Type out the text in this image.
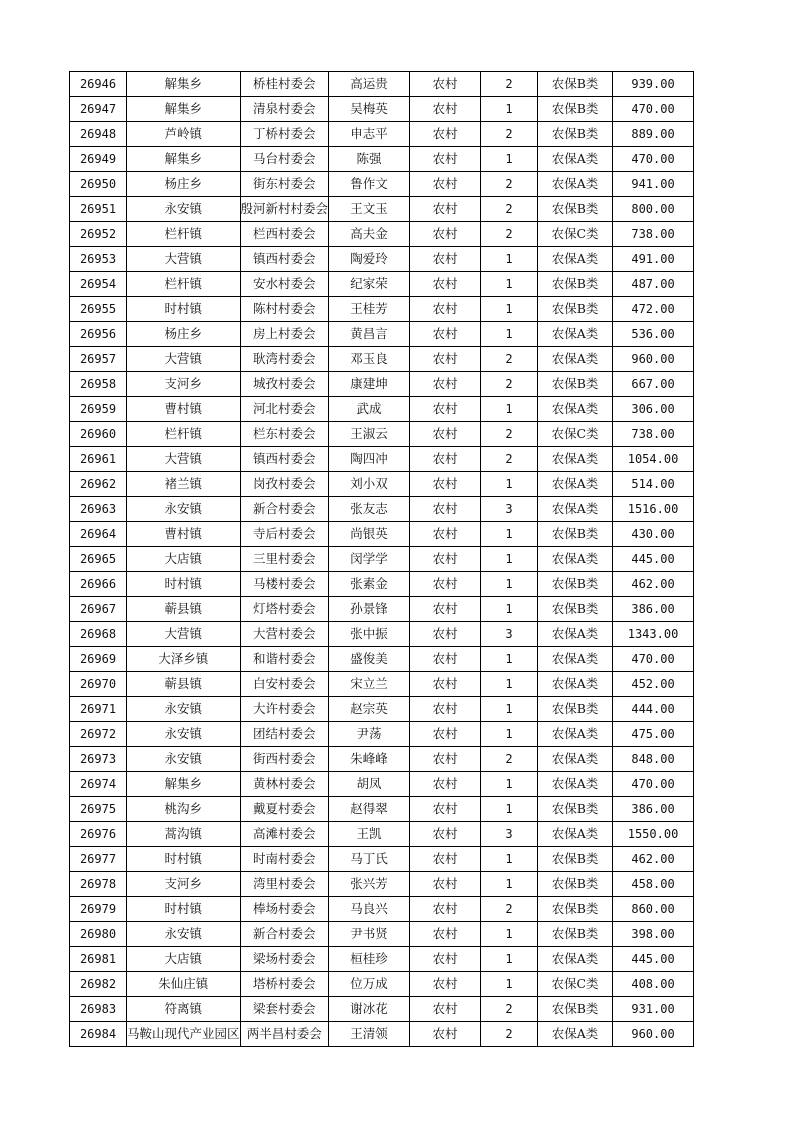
26946	解集乡	桥桂村委会	高运贵	农村	2	农保B类	939.00
26947	解集乡	清泉村委会	吴梅英	农村	1	农保B类	470.00
26948	芦岭镇	丁桥村委会	申志平	农村	2	农保B类	889.00
26949	解集乡	马台村委会	陈强	农村	1	农保A类	470.00
26950	杨庄乡	街东村委会	鲁作文	农村	2	农保A类	941.00
26951	永安镇	殷河新村村委会	王文玉	农村	2	农保B类	800.00
26952	栏杆镇	栏西村委会	高夫金	农村	2	农保C类	738.00
26953	大营镇	镇西村委会	陶爱玲	农村	1	农保A类	491.00
26954	栏杆镇	安水村委会	纪家荣	农村	1	农保B类	487.00
26955	时村镇	陈村村委会	王桂芳	农村	1	农保B类	472.00
26956	杨庄乡	房上村委会	黄昌言	农村	1	农保A类	536.00
26957	大营镇	耿湾村委会	邓玉良	农村	2	农保A类	960.00
26958	支河乡	城孜村委会	康建坤	农村	2	农保B类	667.00
26959	曹村镇	河北村委会	武成	农村	1	农保A类	306.00
26960	栏杆镇	栏东村委会	王淑云	农村	2	农保C类	738.00
26961	大营镇	镇西村委会	陶四冲	农村	2	农保A类	1054.00
26962	褚兰镇	岗孜村委会	刘小双	农村	1	农保A类	514.00
26963	永安镇	新合村委会	张友志	农村	3	农保A类	1516.00
26964	曹村镇	寺后村委会	尚银英	农村	1	农保B类	430.00
26965	大店镇	三里村委会	闵学学	农村	1	农保A类	445.00
26966	时村镇	马楼村委会	张素金	农村	1	农保B类	462.00
26967	蕲县镇	灯塔村委会	孙景锋	农村	1	农保B类	386.00
26968	大营镇	大营村委会	张中振	农村	3	农保A类	1343.00
26969	大泽乡镇	和谐村委会	盛俊美	农村	1	农保A类	470.00
26970	蕲县镇	白安村委会	宋立兰	农村	1	农保A类	452.00
26971	永安镇	大许村委会	赵宗英	农村	1	农保B类	444.00
26972	永安镇	团结村委会	尹荡	农村	1	农保A类	475.00
26973	永安镇	街西村委会	朱峰峰	农村	2	农保A类	848.00
26974	解集乡	黄林村委会	胡凤	农村	1	农保A类	470.00
26975	桃沟乡	戴夏村委会	赵得翠	农村	1	农保B类	386.00
26976	蒿沟镇	高滩村委会	王凯	农村	3	农保A类	1550.00
26977	时村镇	时南村委会	马丁氏	农村	1	农保B类	462.00
26978	支河乡	湾里村委会	张兴芳	农村	1	农保B类	458.00
26979	时村镇	棒场村委会	马良兴	农村	2	农保B类	860.00
26980	永安镇	新合村委会	尹书贤	农村	1	农保B类	398.00
26981	大店镇	梁场村委会	桓桂珍	农村	1	农保A类	445.00
26982	朱仙庄镇	塔桥村委会	位万成	农村	1	农保C类	408.00
26983	符离镇	梁套村委会	谢冰花	农村	2	农保B类	931.00
26984	马鞍山现代产业园区	两半昌村委会	王清领	农村	2	农保A类	960.00
